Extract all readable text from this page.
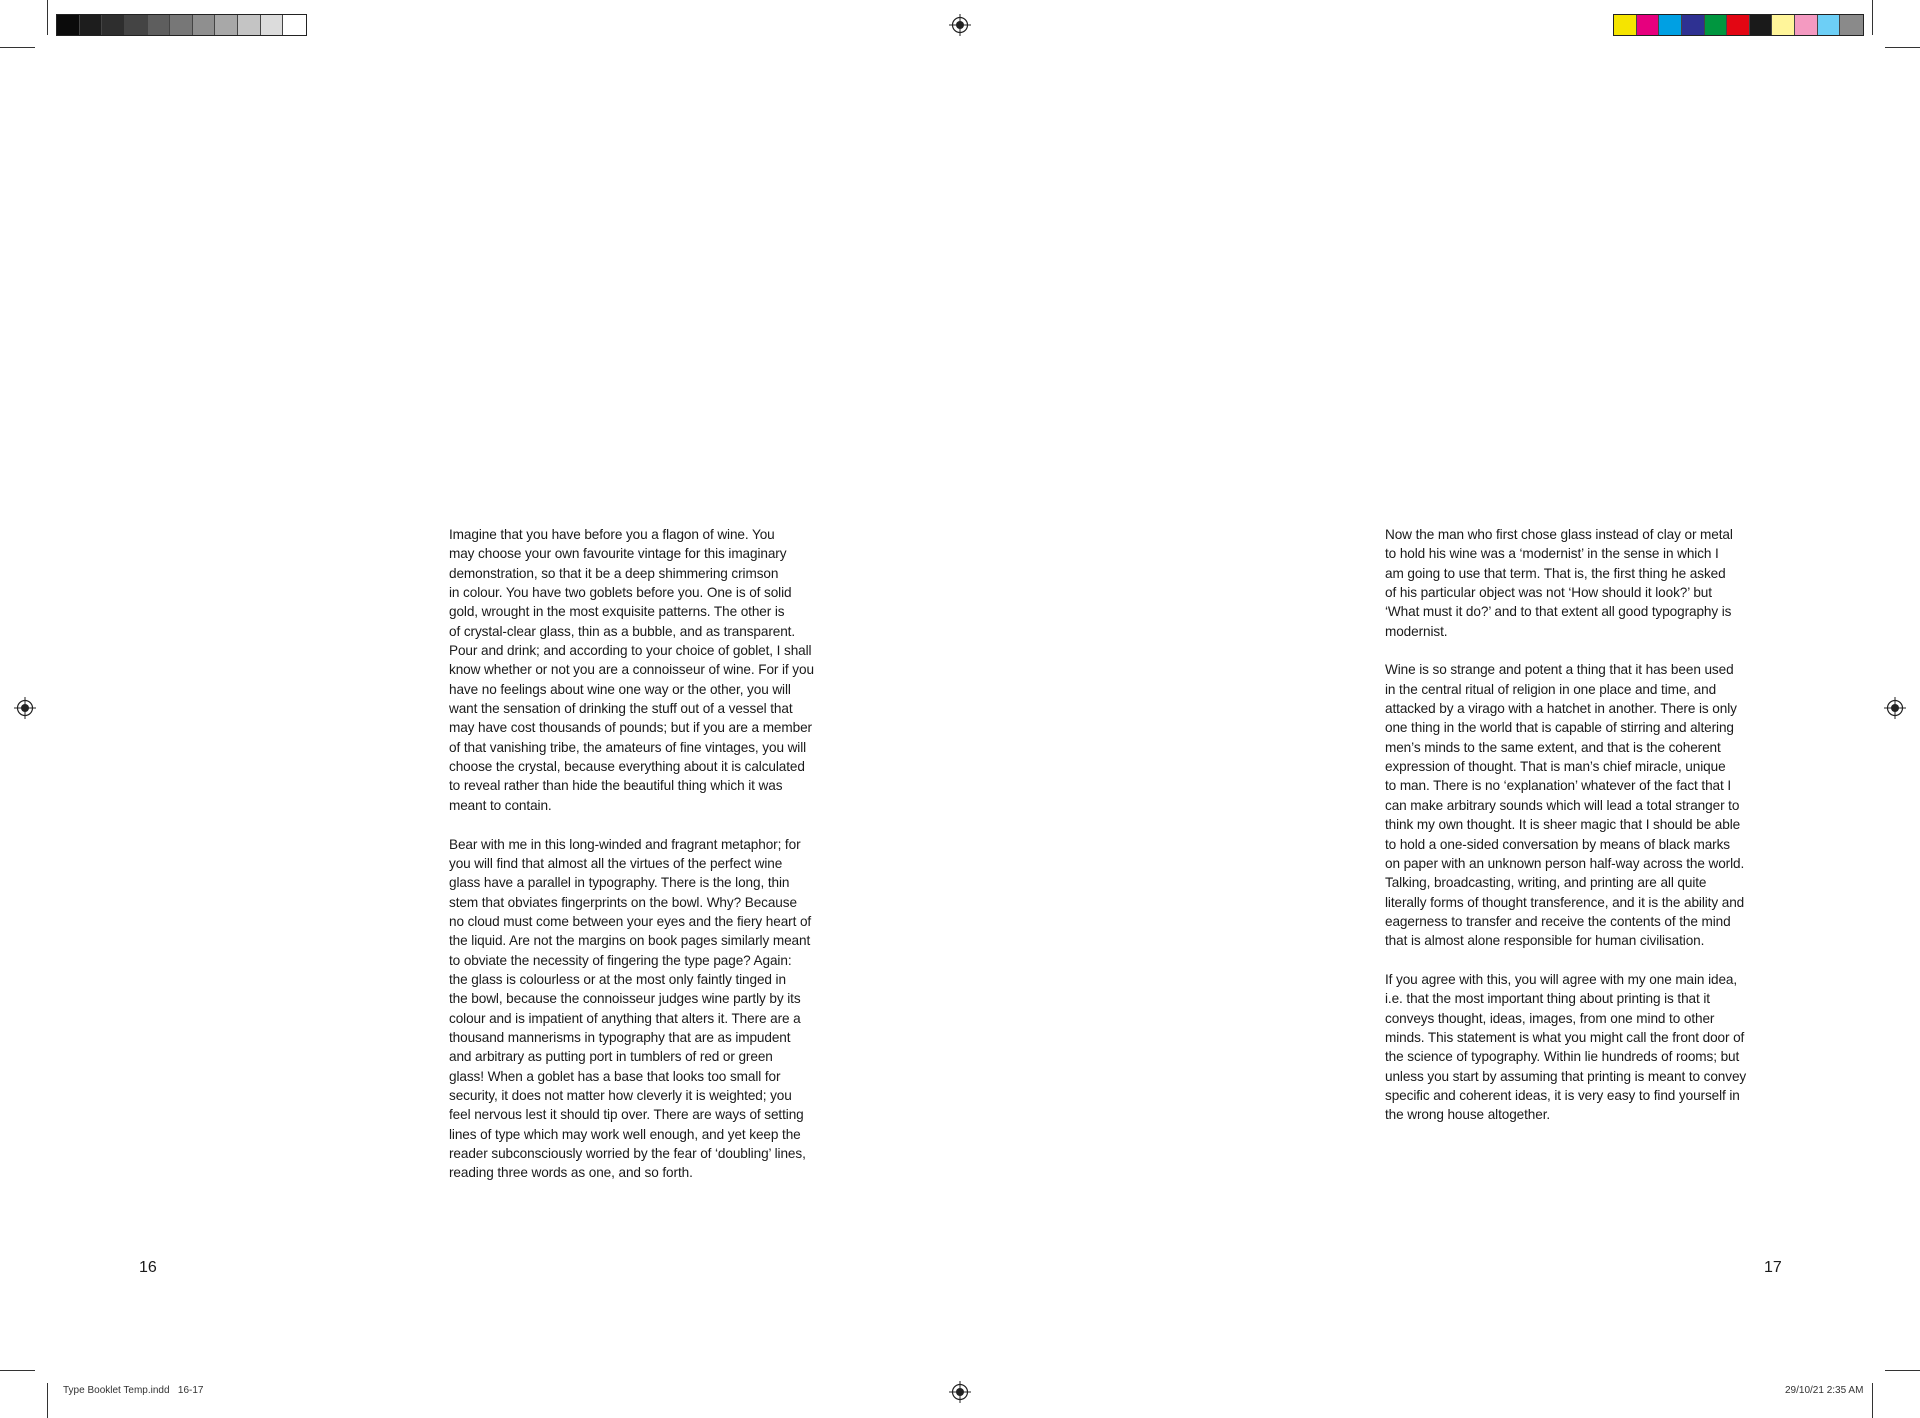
Imagine that you have before you a flagon of wine. You
may choose your own favourite vintage for this imaginary
demonstration, so that it be a deep shimmering crimson
in colour. You have two goblets before you. One is of solid
gold, wrought in the most exquisite patterns. The other is
of crystal-clear glass, thin as a bubble, and as transparent.
Pour and drink; and according to your choice of goblet, I shall
know whether or not you are a connoisseur of wine. For if you
have no feelings about wine one way or the other, you will
want the sensation of drinking the stuff out of a vessel that
may have cost thousands of pounds; but if you are a member
of that vanishing tribe, the amateurs of fine vintages, you will
choose the crystal, because everything about it is calculated
to reveal rather than hide the beautiful thing which it was
meant to contain.

Bear with me in this long-winded and fragrant metaphor; for
you will find that almost all the virtues of the perfect wine
glass have a parallel in typography. There is the long, thin
stem that obviates fingerprints on the bowl. Why? Because
no cloud must come between your eyes and the fiery heart of
the liquid. Are not the margins on book pages similarly meant
to obviate the necessity of fingering the type page? Again:
the glass is colourless or at the most only faintly tinged in
the bowl, because the connoisseur judges wine partly by its
colour and is impatient of anything that alters it. There are a
thousand mannerisms in typography that are as impudent
and arbitrary as putting port in tumblers of red or green
glass! When a goblet has a base that looks too small for
security, it does not matter how cleverly it is weighted; you
feel nervous lest it should tip over. There are ways of setting
lines of type which may work well enough, and yet keep the
reader subconsciously worried by the fear of ‘doubling’ lines,
reading three words as one, and so forth.

Now the man who first chose glass instead of clay or metal
to hold his wine was a ‘modernist’ in the sense in which I
am going to use that term. That is, the first thing he asked
of his particular object was not ‘How should it look?’ but
‘What must it do?’ and to that extent all good typography is
modernist.

Wine is so strange and potent a thing that it has been used
in the central ritual of religion in one place and time, and
attacked by a virago with a hatchet in another. There is only
one thing in the world that is capable of stirring and altering
men’s minds to the same extent, and that is the coherent
expression of thought. That is man’s chief miracle, unique
to man. There is no ‘explanation’ whatever of the fact that I
can make arbitrary sounds which will lead a total stranger to
think my own thought. It is sheer magic that I should be able
to hold a one-sided conversation by means of black marks
on paper with an unknown person half-way across the world.
Talking, broadcasting, writing, and printing are all quite
literally forms of thought transference, and it is the ability and
eagerness to transfer and receive the contents of the mind
that is almost alone responsible for human civilisation.

If you agree with this, you will agree with my one main idea,
i.e. that the most important thing about printing is that it
conveys thought, ideas, images, from one mind to other
minds. This statement is what you might call the front door of
the science of typography. Within lie hundreds of rooms; but
unless you start by assuming that printing is meant to convey
specific and coherent ideas, it is very easy to find yourself in
the wrong house altogether.

16	17
Type Booklet Temp.indd 16-17	29/10/21 2:35 AM
